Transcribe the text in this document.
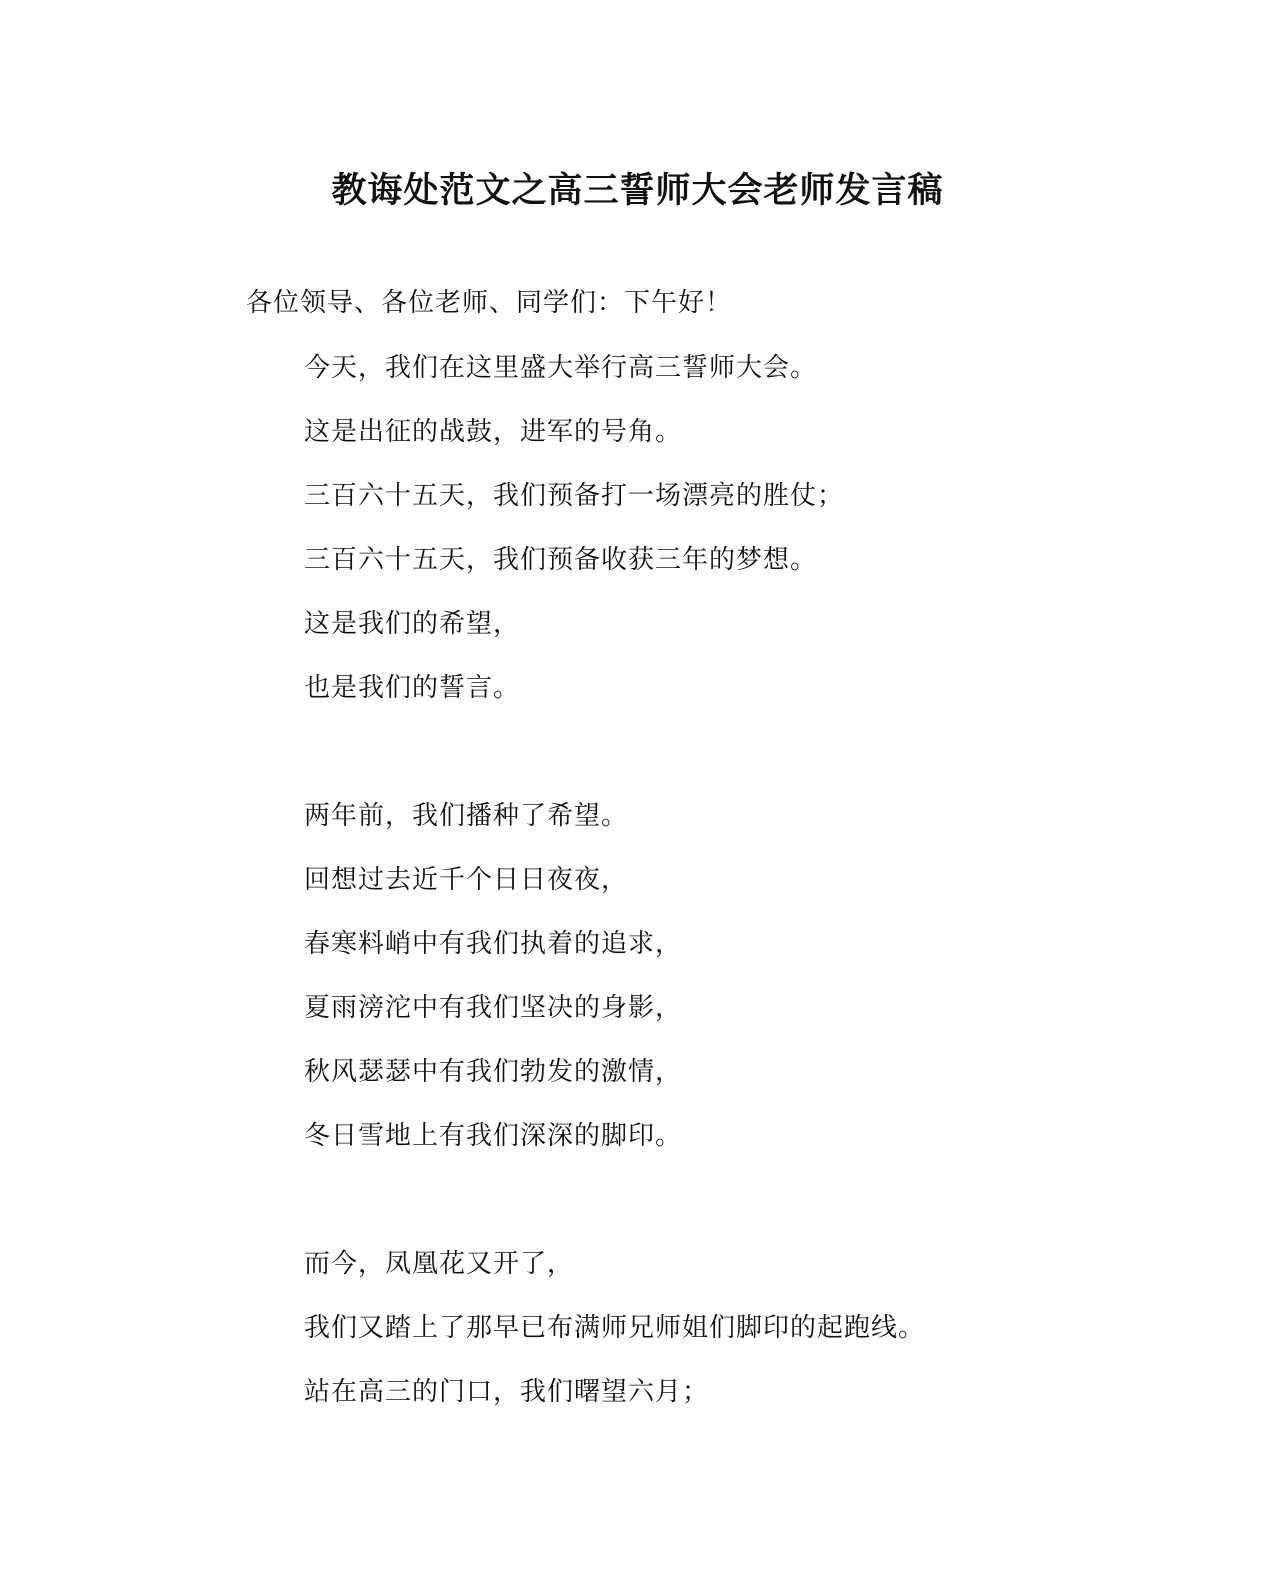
教诲处范文之高三誓师大会老师发言稿
各位领导、各位老师、同学们：下午好！
今天，我们在这里盛大举行高三誓师大会。
这是出征的战鼓，进军的号角。
三百六十五天，我们预备打一场漂亮的胜仗；
三百六十五天，我们预备收获三年的梦想。
这是我们的希望，
也是我们的誓言。
两年前，我们播种了希望。
回想过去近千个日日夜夜，
春寒料峭中有我们执着的追求，
夏雨滂沱中有我们坚决的身影，
秋风瑟瑟中有我们勃发的激情，
冬日雪地上有我们深深的脚印。
而今，凤凰花又开了，
我们又踏上了那早已布满师兄师姐们脚印的起跑线。
站在高三的门口，我们曙望六月；
